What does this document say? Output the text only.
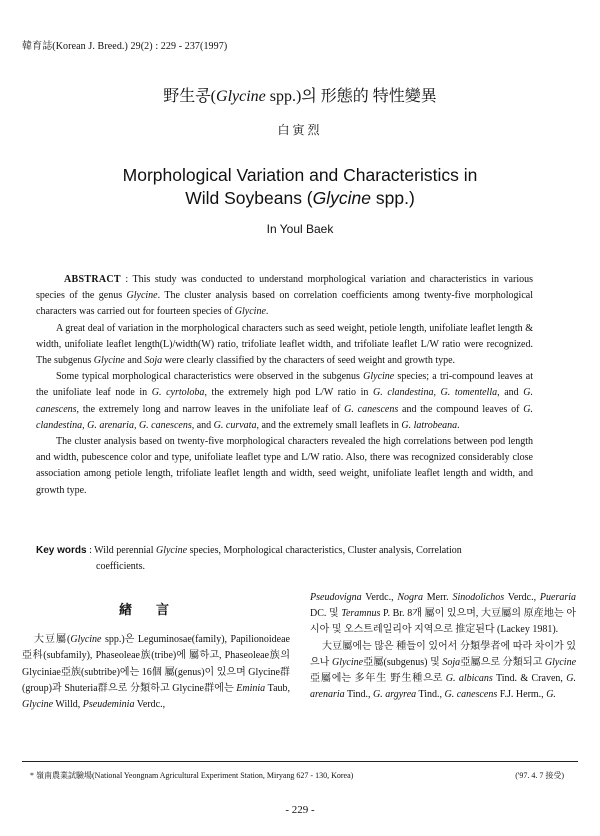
韓育誌(Korean J. Breed.) 29(2) : 229 - 237(1997)
野生콩(Glycine spp.)의 形態的 特性變異
白寅烈
Morphological Variation and Characteristics in
Wild Soybeans (Glycine spp.)
In Youl Baek

ABSTRACT : This study was conducted to understand morphological variation and characteristics in various species of the genus Glycine. The cluster analysis based on correlation coefficients among twenty-five morphological characters was carried out for fourteen species of Glycine.

A great deal of variation in the morphological characters such as seed weight, petiole length, unifoliate leaflet length & width, unifoliate leaflet length(L)/width(W) ratio, trifoliate leaflet width, and trifoliate leaflet L/W ratio were recognized. The subgenus Glycine and Soja were clearly classified by the characters of seed weight and growth type.

Some typical morphological characteristics were observed in the subgenus Glycine species; a tri-compound leaves at the unifoliate leaf node in G. cyrtoloba, the extremely high pod L/W ratio in G. clandestina, G. tomentella, and G. canescens, the extremely long and narrow leaves in the unifoliate leaf of G. canescens and the compound leaves of G. clandestina, G. arenaria, G. canescens, and G. curvata, and the extremely small leaflets in G. latrobeana.

The cluster analysis based on twenty-five morphological characters revealed the high correlations between pod length and width, pubescence color and type, unifoliate leaflet type and L/W ratio. Also, there was recognized considerably close association among petiole length, trifoliate leaflet length and width, seed weight, unifoliate leaflet length and width, and growth type.

Key words : Wild perennial Glycine species, Morphological characteristics, Cluster analysis, Correlation
coefficients.
緖言

大豆屬(Glycine spp.)은 Leguminosae(family), Papilionoideae亞科(subfamily), Phaseoleae族(tribe)에 屬하고, Phaseoleae族의 Glyciniae亞族(subtribe)에는 16個 屬(genus)이 있으며 Glycine群(group)과 Shuteria群으로 分類하고 Glycine群에는 Eminia Taub, Glycine Willd, Pseudeminia Verdc.,

Pseudovigna Verdc., Nogra Merr. Sinodolichos Verdc., Pueraria DC. 및 Teramnus P. Br. 8개 屬이 있으며, 大豆屬의 原産地는 아시아 및 오스트레일리아 지역으로 推定된다 (Lackey 1981).

大豆屬에는 많은 種들이 있어서 分類學者에 따라 차이가 있으나 Glycine亞屬(subgenus) 및 Soja亞屬으로 分類되고 Glycine亞屬에는 多年生 野生種으로 G. albicans Tind. & Craven, G. arenaria Tind., G. argyrea Tind., G. canescens F.J. Herm., G.

* 嶺南農業試驗場(National Yeongnam Agricultural Experiment Station, Miryang 627 - 130, Korea)	('97. 4. 7 接受)
- 229 -
